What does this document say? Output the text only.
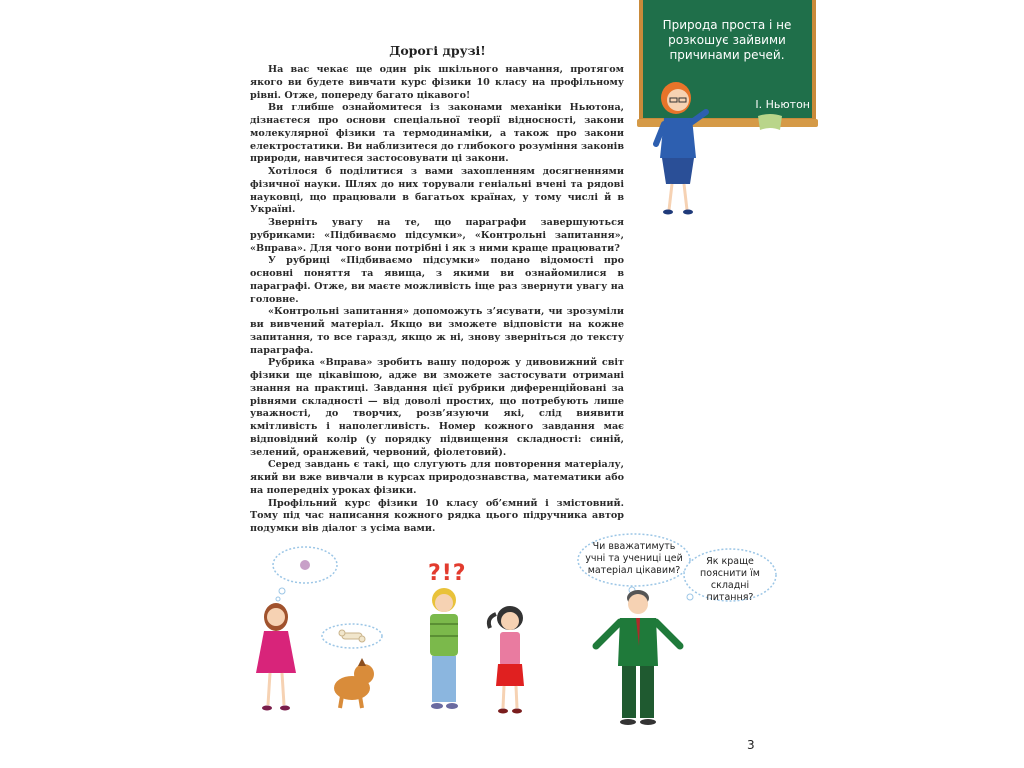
Дорогі друзі!

На вас чекає ще один рік шкільного навчання, протягом якого ви будете вивчати курс фізики 10 класу на профільному рівні. Отже, попереду багато цікавого!

Ви глибше ознайомитеся із законами механіки Ньютона, дізнаєтеся про основи спеціальної теорії відносності, закони молекулярної фізики та термодинаміки, а також про закони електростатики. Ви наблизитеся до глибокого розуміння законів природи, навчитеся застосовувати ці закони.

Хотілося б поділитися з вами захопленням досягненнями фізичної науки. Шлях до них торували геніальні вчені та рядові науковці, що працювали в багатьох країнах, у тому числі й в Україні.

Зверніть увагу на те, що параграфи завершуються рубриками: «Підбиваємо підсумки», «Контрольні запитання», «Вправа». Для чого вони потрібні і як з ними краще працювати?

У рубриці «Підбиваємо підсумки» подано відомості про основні поняття та явища, з якими ви ознайомилися в параграфі. Отже, ви маєте можливість іще раз звернути увагу на головне.

«Контрольні запитання» допоможуть з’ясувати, чи зрозуміли ви вивчений матеріал. Якщо ви зможете відповісти на кожне запитання, то все гаразд, якщо ж ні, знову зверніться до тексту параграфа.

Рубрика «Вправа» зробить вашу подорож у дивовижний світ фізики ще цікавішою, адже ви зможете застосувати отримані знання на практиці. Завдання цієї рубрики диференційовані за рівнями складності — від доволі простих, що потребують лише уважності, до творчих, розв’язуючи які, слід виявити кмітливість і наполегливість. Номер кожного завдання має відповідний колір (у порядку підвищення складності: синій, зелений, оранжевий, червоний, фіолетовий).

Серед завдань є такі, що слугують для повторення матеріалу, який ви вже вивчали в курсах природознавства, математики або на попередніх уроках фізики.

Профільний курс фізики 10 класу об’ємний і змістовний. Тому під час написання кожного рядка цього підручника автор подумки вів діалог з усіма вами.

Природа проста і не розкошує зайвими причинами речей.
І. Ньютон
?!?
Чи вважатимуть учні та учениці цей матеріал цікавим?
Як краще пояснити їм складні питання?
3
